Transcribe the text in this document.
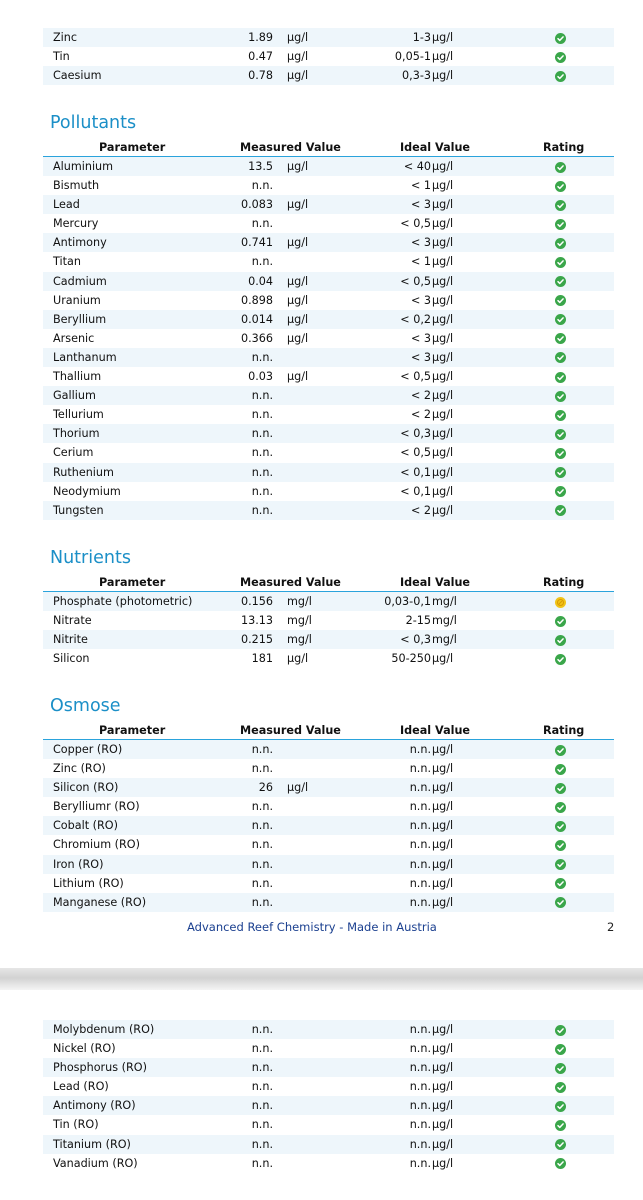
Zinc	1.89 µg/l	1-3 µg/l
Tin	0.47 µg/l	0,05-1 µg/l
Caesium	0.78 µg/l	0,3-3 µg/l
Pollutants
Parameter	Measured Value	Ideal Value	Rating
Aluminium	13.5 µg/l	< 40 µg/l
Bismuth	n.n.	< 1 µg/l
Lead	0.083 µg/l	< 3 µg/l
Mercury	n.n.	< 0,5 µg/l
Antimony	0.741 µg/l	< 3 µg/l
Titan	n.n.	< 1 µg/l
Cadmium	0.04 µg/l	< 0,5 µg/l
Uranium	0.898 µg/l	< 3 µg/l
Beryllium	0.014 µg/l	< 0,2 µg/l
Arsenic	0.366 µg/l	< 3 µg/l
Lanthanum	n.n.	< 3 µg/l
Thallium	0.03 µg/l	< 0,5 µg/l
Gallium	n.n.	< 2 µg/l
Tellurium	n.n.	< 2 µg/l
Thorium	n.n.	< 0,3 µg/l
Cerium	n.n.	< 0,5 µg/l
Ruthenium	n.n.	< 0,1 µg/l
Neodymium	n.n.	< 0,1 µg/l
Tungsten	n.n.	< 2 µg/l
Nutrients
Parameter	Measured Value	Ideal Value	Rating
Phosphate (photometric)	0.156 mg/l	0,03-0,1 mg/l
Nitrate	13.13 mg/l	2-15 mg/l
Nitrite	0.215 mg/l	< 0,3 mg/l
Silicon	181 µg/l	50-250 µg/l
Osmose
Parameter	Measured Value	Ideal Value	Rating
Copper (RO)	n.n.	n.n. µg/l
Zinc (RO)	n.n.	n.n. µg/l
Silicon (RO)	26 µg/l	n.n. µg/l
Berylliumr (RO)	n.n.	n.n. µg/l
Cobalt (RO)	n.n.	n.n. µg/l
Chromium (RO)	n.n.	n.n. µg/l
Iron (RO)	n.n.	n.n. µg/l
Lithium (RO)	n.n.	n.n. µg/l
Manganese (RO)	n.n.	n.n. µg/l
Advanced Reef Chemistry - Made in Austria	2
Molybdenum (RO)	n.n.	n.n. µg/l
Nickel (RO)	n.n.	n.n. µg/l
Phosphorus (RO)	n.n.	n.n. µg/l
Lead (RO)	n.n.	n.n. µg/l
Antimony (RO)	n.n.	n.n. µg/l
Tin (RO)	n.n.	n.n. µg/l
Titanium (RO)	n.n.	n.n. µg/l
Vanadium (RO)	n.n.	n.n. µg/l
